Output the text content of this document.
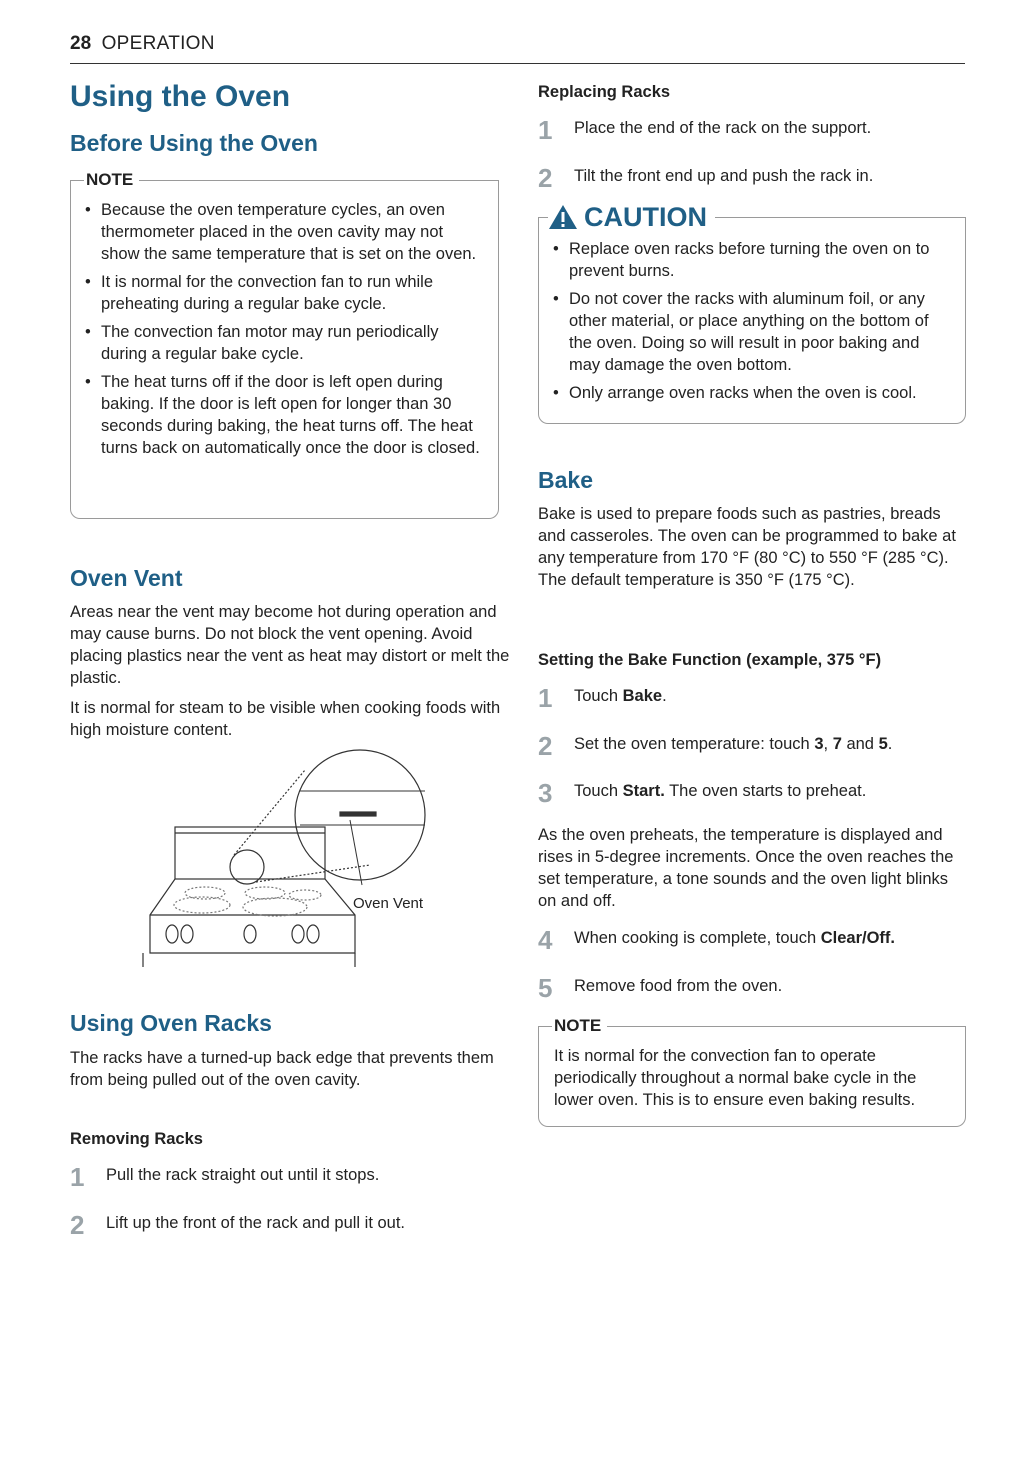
28 OPERATION
Using the Oven
Before Using the Oven
NOTE
• Because the oven temperature cycles, an oven thermometer placed in the oven cavity may not show the same temperature that is set on the oven.
• It is normal for the convection fan to run while preheating during a regular bake cycle.
• The convection fan motor may run periodically during a regular bake cycle.
• The heat turns off if the door is left open during baking. If the door is left open for longer than 30 seconds during baking, the heat turns off. The heat turns back on automatically once the door is closed.
Oven Vent

Areas near the vent may become hot during operation and may cause burns. Do not block the vent opening. Avoid placing plastics near the vent as heat may distort or melt the plastic.

It is normal for steam to be visible when cooking foods with high moisture content.

Oven Vent
Using Oven Racks

The racks have a turned-up back edge that prevents them from being pulled out of the oven cavity.

Removing Racks
1	Pull the rack straight out until it stops.
2	Lift up the front of the rack and pull it out.
Replacing Racks
1	Place the end of the rack on the support.
2	Tilt the front end up and push the rack in.
CAUTION
• Replace oven racks before turning the oven on to prevent burns.
• Do not cover the racks with aluminum foil, or any other material, or place anything on the bottom of the oven. Doing so will result in poor baking and may damage the oven bottom.
• Only arrange oven racks when the oven is cool.
Bake

Bake is used to prepare foods such as pastries, breads and casseroles. The oven can be programmed to bake at any temperature from 170 °F (80 °C) to 550 °F (285 °C). The default temperature is 350 °F (175 °C).

Setting the Bake Function (example, 375 °F)
1	Touch Bake.
2	Set the oven temperature: touch 3, 7 and 5.
3	Touch Start. The oven starts to preheat.

As the oven preheats, the temperature is displayed and rises in 5-degree increments. Once the oven reaches the set temperature, a tone sounds and the oven light blinks on and off.

4	When cooking is complete, touch Clear/Off.
5	Remove food from the oven.
NOTE

It is normal for the convection fan to operate periodically throughout a normal bake cycle in the lower oven. This is to ensure even baking results.
